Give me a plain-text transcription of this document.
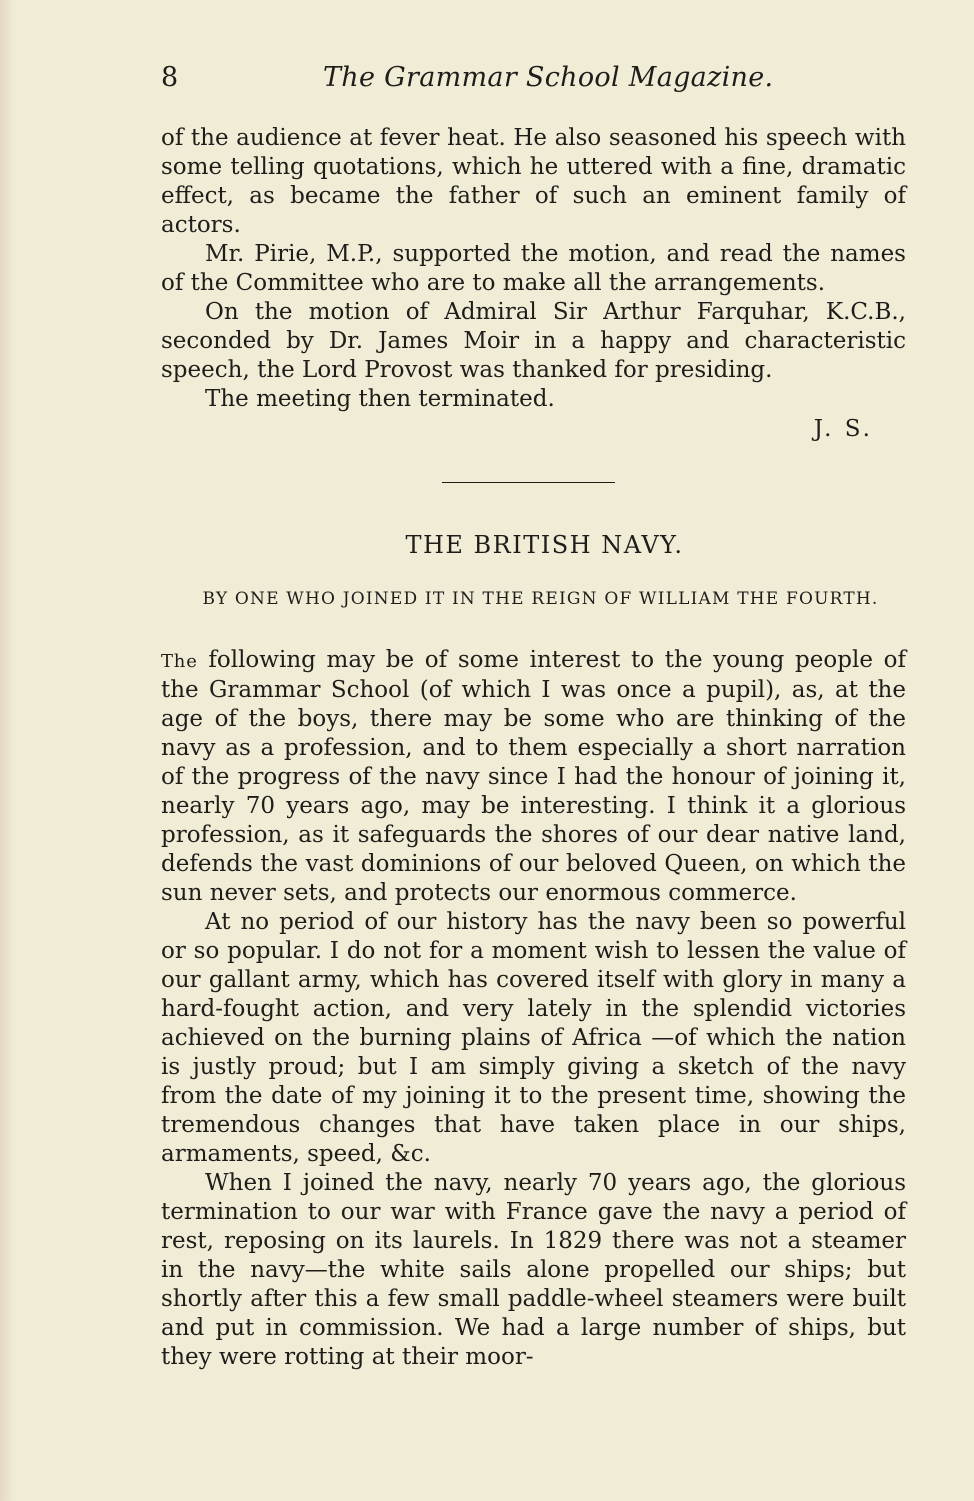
8	The Grammar School Magazine.

of the audience at fever heat. He also seasoned his speech with some telling quotations, which he uttered with a fine, dramatic effect, as became the father of such an eminent family of actors.

Mr. Pirie, M.P., supported the motion, and read the names of the Committee who are to make all the arrangements.

On the motion of Admiral Sir Arthur Farquhar, K.C.B., seconded by Dr. James Moir in a happy and characteristic speech, the Lord Provost was thanked for presiding.

The meeting then terminated.

J. S.

THE BRITISH NAVY.
BY ONE WHO JOINED IT IN THE REIGN OF WILLIAM THE FOURTH.

The following may be of some interest to the young people of the Grammar School (of which I was once a pupil), as, at the age of the boys, there may be some who are thinking of the navy as a profession, and to them especially a short narration of the progress of the navy since I had the honour of joining it, nearly 70 years ago, may be interesting. I think it a glorious profession, as it safeguards the shores of our dear native land, defends the vast dominions of our beloved Queen, on which the sun never sets, and protects our enormous commerce.

At no period of our history has the navy been so powerful or so popular. I do not for a moment wish to lessen the value of our gallant army, which has covered itself with glory in many a hard-fought action, and very lately in the splendid victories achieved on the burning plains of Africa —of which the nation is justly proud; but I am simply giving a sketch of the navy from the date of my joining it to the present time, showing the tremendous changes that have taken place in our ships, armaments, speed, &c.

When I joined the navy, nearly 70 years ago, the glorious termination to our war with France gave the navy a period of rest, reposing on its laurels. In 1829 there was not a steamer in the navy—the white sails alone propelled our ships; but shortly after this a few small paddle-wheel steamers were built and put in commission. We had a large number of ships, but they were rotting at their moor-
